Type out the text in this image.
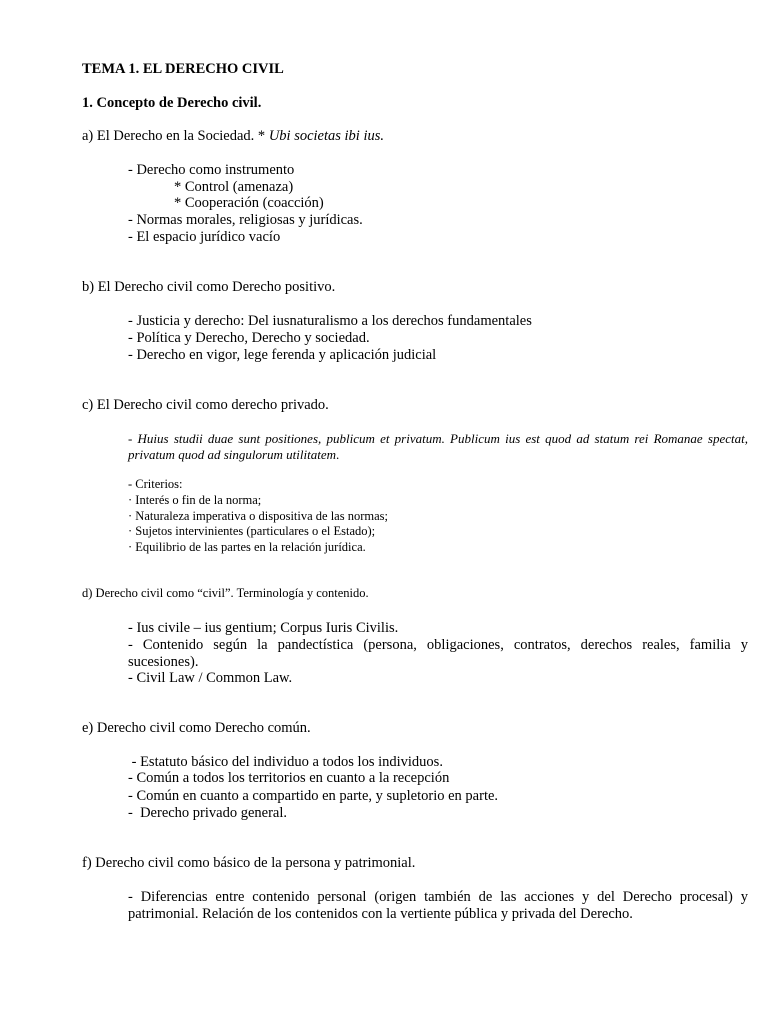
TEMA 1. EL DERECHO CIVIL
1. Concepto de Derecho civil.
a) El Derecho en la Sociedad. * Ubi societas ibi ius.
- Derecho como instrumento
* Control (amenaza)
* Cooperación (coacción)
- Normas morales, religiosas y jurídicas.
- El espacio jurídico vacío
b) El Derecho civil como Derecho positivo.
- Justicia y derecho: Del iusnaturalismo a los derechos fundamentales
- Política y Derecho, Derecho y sociedad.
- Derecho en vigor, lege ferenda y aplicación judicial
c) El Derecho civil como derecho privado.
- Huius studii duae sunt positiones, publicum et privatum. Publicum ius est quod ad statum rei Romanae spectat, privatum quod ad singulorum utilitatem.
- Criterios:
· Interés o fin de la norma;
· Naturaleza imperativa o dispositiva de las normas;
· Sujetos intervinientes (particulares o el Estado);
· Equilibrio de las partes en la relación jurídica.
d) Derecho civil como “civil”. Terminología y contenido.
- Ius civile – ius gentium; Corpus Iuris Civilis.
- Contenido según la pandectística (persona, obligaciones, contratos, derechos reales, familia y sucesiones).
- Civil Law / Common Law.
e) Derecho civil como Derecho común.
- Estatuto básico del individuo a todos los individuos.
- Común a todos los territorios en cuanto a la recepción
- Común en cuanto a compartido en parte, y supletorio en parte.
-  Derecho privado general.
f) Derecho civil como básico de la persona y patrimonial.
- Diferencias entre contenido personal (origen también de las acciones y del Derecho procesal) y patrimonial. Relación de los contenidos con la vertiente pública y privada del Derecho.
